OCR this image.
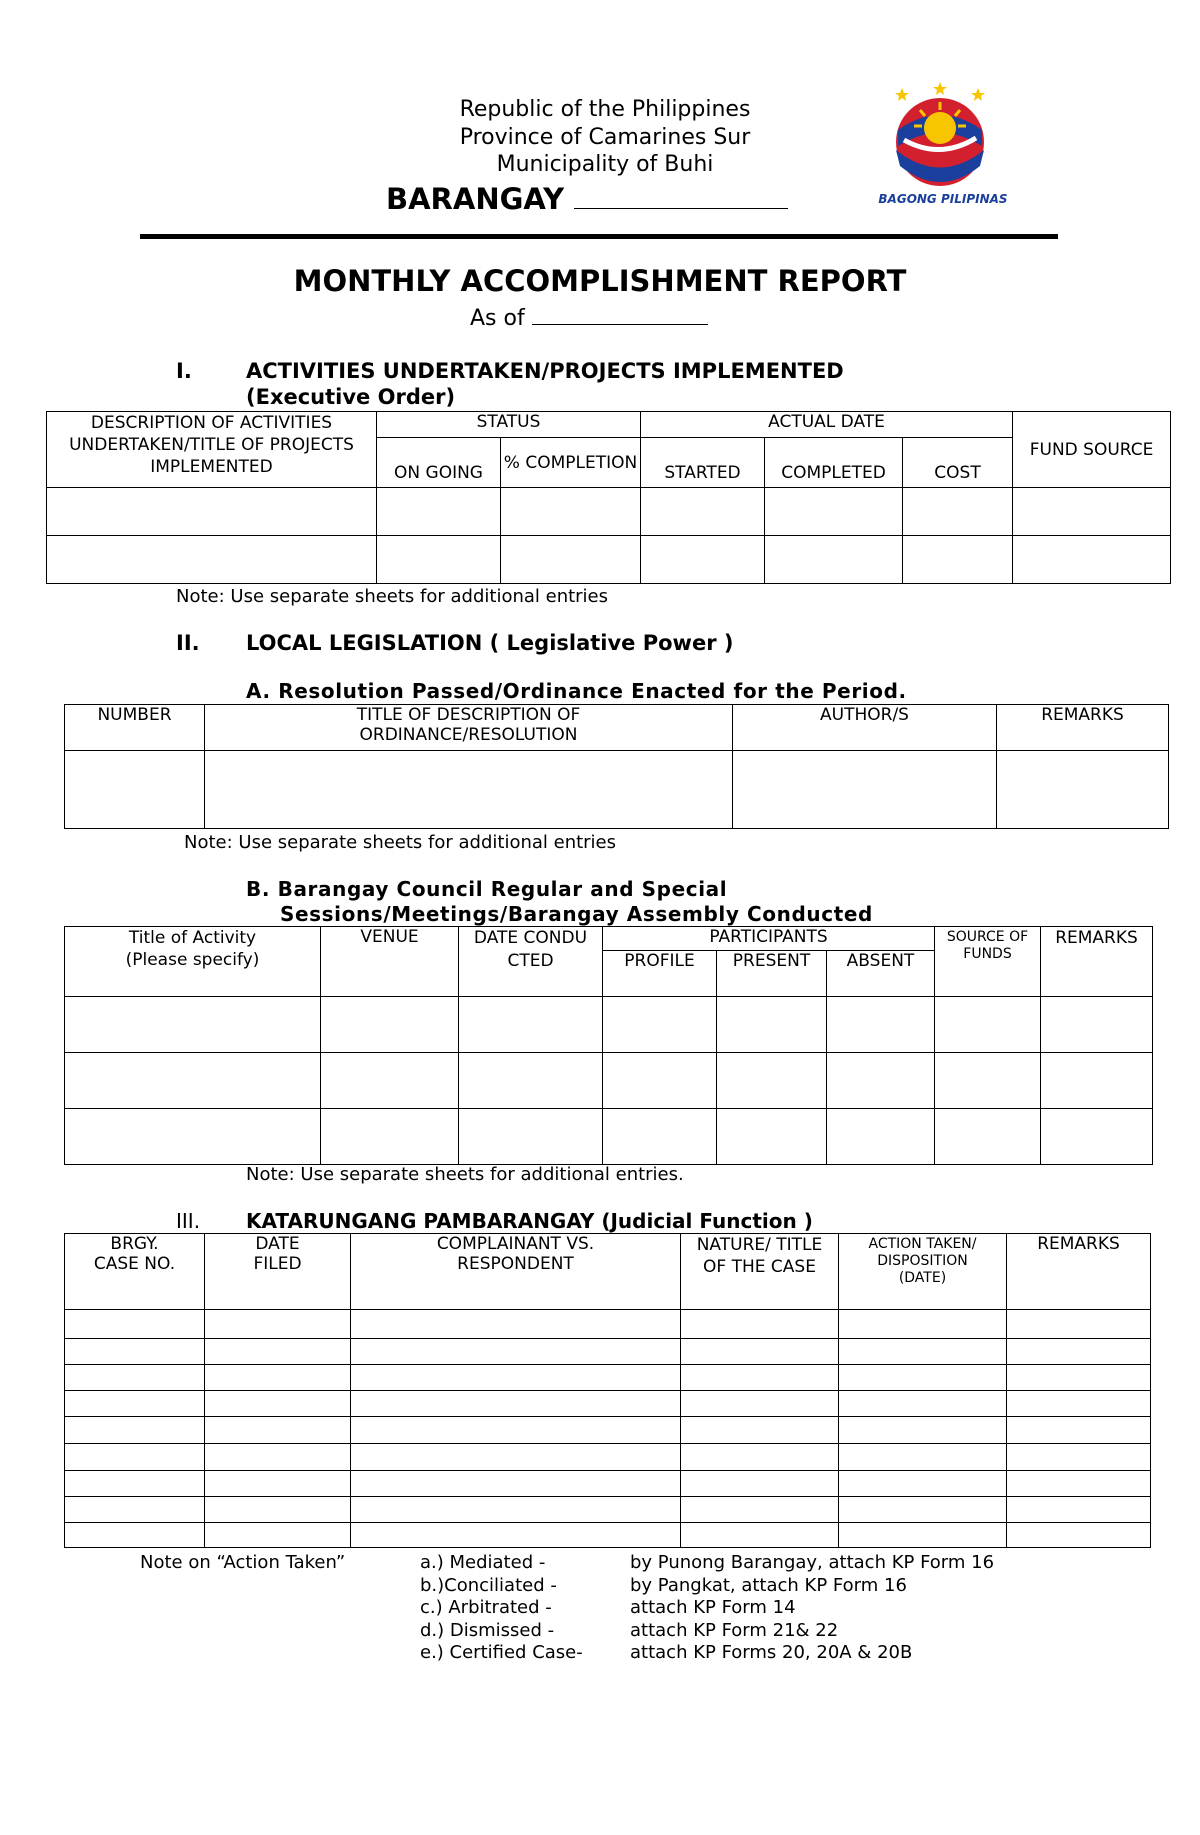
Republic of the Philippines
Province of Camarines Sur
Municipality of Buhi
BARANGAY	BAGONG PILIPINAS
MONTHLY ACCOMPLISHMENT REPORT
As of
I.	ACTIVITIES UNDERTAKEN/PROJECTS IMPLEMENTED
(Executive Order)
DESCRIPTION OF ACTIVITIES UNDERTAKEN/TITLE OF PROJECTS IMPLEMENTED	STATUS		ACTUAL DATE			FUND SOURCE
	ON GOING	% COMPLETION	STARTED	COMPLETED	COST	

Note: Use separate sheets for additional entries
II. LOCAL LEGISLATION ( Legislative Power )
A. Resolution Passed/Ordinance Enacted for the Period.
NUMBER	TITLE OF DESCRIPTION OF ORDINANCE/RESOLUTION	AUTHOR/S	REMARKS

Note: Use separate sheets for additional entries
B. Barangay Council Regular and Special
Sessions/Meetings/Barangay Assembly Conducted
Title of Activity (Please specify)	VENUE	DATE CONDUCTED	PARTICIPANTS			SOURCE OF FUNDS	REMARKS
			PROFILE	PRESENT	ABSENT		

Note: Use separate sheets for additional entries.
III. KATARUNGANG PAMBARANGAY (Judicial Function )
BRGY. CASE NO.	DATE FILED	COMPLAINANT VS. RESPONDENT	NATURE/ TITLE OF THE CASE	ACTION TAKEN/ DISPOSITION (DATE)	REMARKS

Note on “Action Taken”	a.) Mediated -	by Punong Barangay, attach KP Form 16
b.)Conciliated -	by Pangkat, attach KP Form 16
c.) Arbitrated -	attach KP Form 14
d.) Dismissed -	attach KP Form 21& 22
e.) Certified Case-	attach KP Forms 20, 20A & 20B
